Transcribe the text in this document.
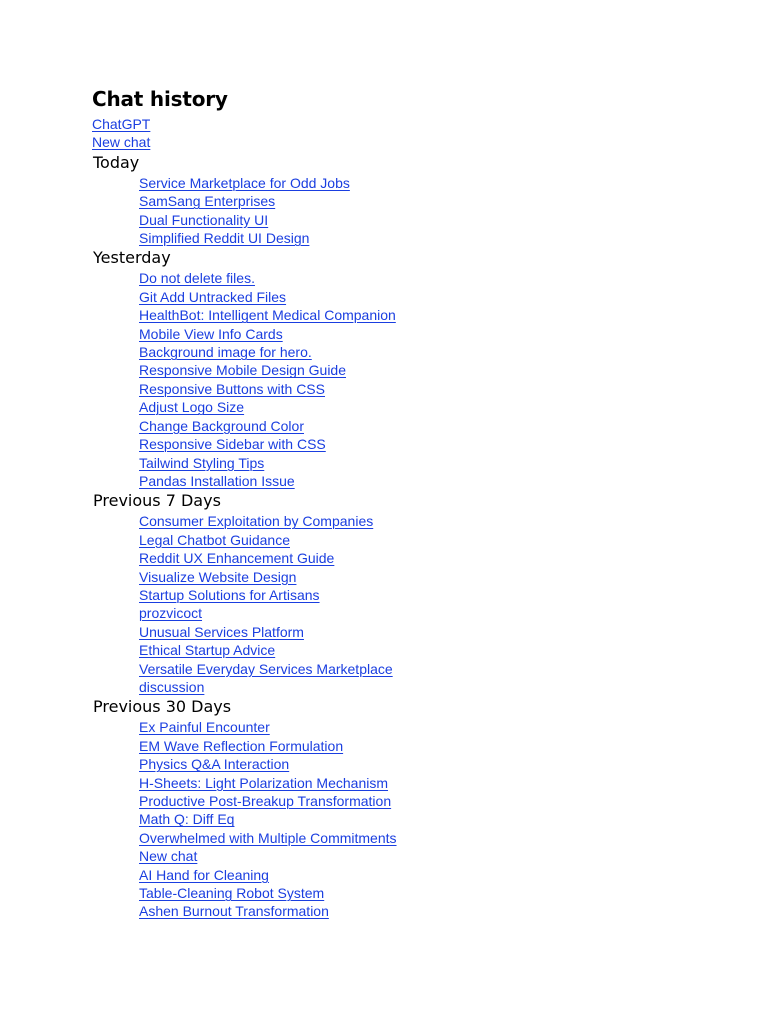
Chat history
ChatGPT
New chat
Today
Service Marketplace for Odd Jobs
SamSang Enterprises
Dual Functionality UI
Simplified Reddit UI Design
Yesterday
Do not delete files.
Git Add Untracked Files
HealthBot: Intelligent Medical Companion
Mobile View Info Cards
Background image for hero.
Responsive Mobile Design Guide
Responsive Buttons with CSS
Adjust Logo Size
Change Background Color
Responsive Sidebar with CSS
Tailwind Styling Tips
Pandas Installation Issue
Previous 7 Days
Consumer Exploitation by Companies
Legal Chatbot Guidance
Reddit UX Enhancement Guide
Visualize Website Design
Startup Solutions for Artisans
prozvicoct
Unusual Services Platform
Ethical Startup Advice
Versatile Everyday Services Marketplace discussion
Previous 30 Days
Ex Painful Encounter
EM Wave Reflection Formulation
Physics Q&A Interaction
H-Sheets: Light Polarization Mechanism
Productive Post-Breakup Transformation
Math Q: Diff Eq
Overwhelmed with Multiple Commitments
New chat
AI Hand for Cleaning
Table-Cleaning Robot System
Ashen Burnout Transformation
